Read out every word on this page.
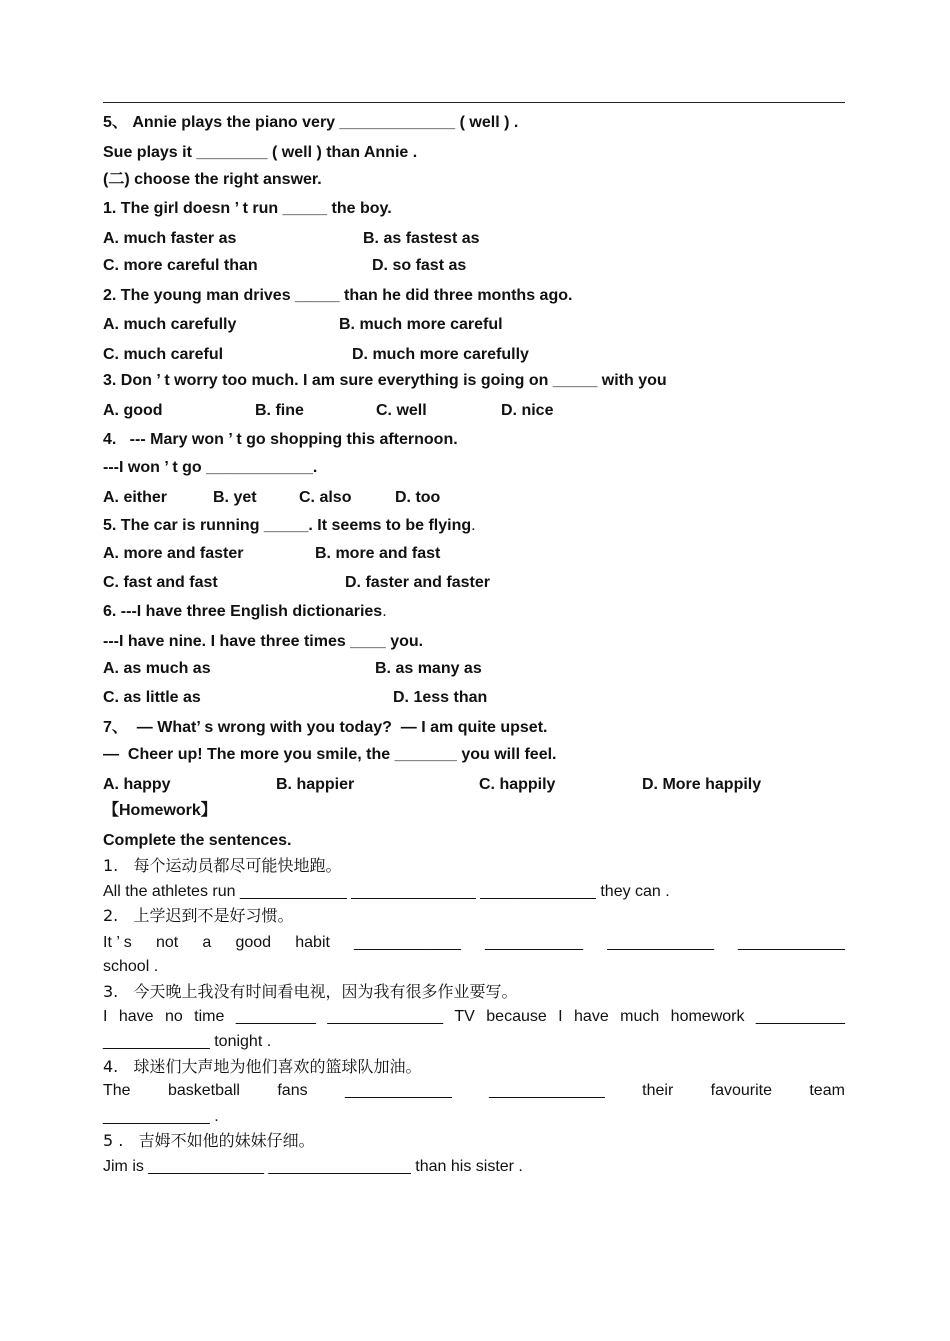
5、 Annie plays the piano very _____________ ( well ) .
Sue plays it ________ ( well ) than Annie .
(二) choose the right answer.
1. The girl doesn ’ t run _____ the boy.
A. much faster as	B. as fastest as
C. more careful than	D. so fast as
2. The young man drives _____ than he did three months ago.
A. much carefully	B. much more careful
C. much careful	D. much more carefully
3. Don ’ t worry too much. I am sure everything is going on _____ with you
A. good	B. fine	C. well	D. nice
4.   --- Mary won ’ t go shopping this afternoon.
---I won ’ t go ____________.
A. either	B. yet	C. also	D. too
5. The car is running _____. It seems to be flying.
A. more and faster	B. more and fast
C. fast and fast	D. faster and faster
6. ---I have three English dictionaries.
---I have nine. I have three times ____ you.
A. as much as	B. as many as
C. as little as	D. 1ess than
7、  — What’ s wrong with you today?  — I am quite upset.
—  Cheer up! The more you smile, the _______ you will feel.
A. happy	B. happier	C. happily	D. More happily
【Homework】
Complete the sentences.
1.   每个运动员都尽可能快地跑。
All the athletes run ____________ ______________ _____________ they can .
2.   上学迟到不是好习惯。
It ’ s not a good habit ____________ ___________ ____________ ____________
school .
3.   今天晚上我没有时间看电视，因为我有很多作业要写。
I have no time _________ _____________ TV because I have much homework __________
____________ tonight .
4.   球迷们大声地为他们喜欢的篮球队加油。
The basketball fans ____________ _____________ their favourite team
____________ .
5 .   吉姆不如他的妹妹仔细。
Jim is _____________ ________________ than his sister .
